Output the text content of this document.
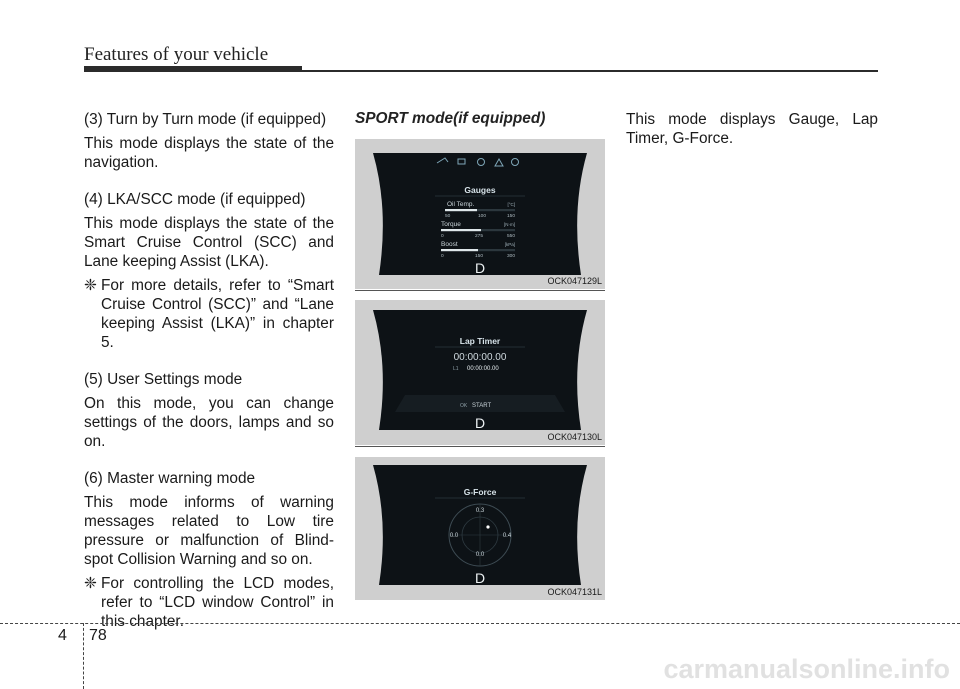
Features of your vehicle

(3) Turn by Turn mode (if equipped)

This mode displays the state of the navigation.

(4) LKA/SCC mode (if equipped)

This mode displays the state of the Smart Cruise Control (SCC) and Lane keeping Assist (LKA).

❈ For more details, refer to “Smart Cruise Control (SCC)” and “Lane keeping Assist (LKA)” in chapter 5.

(5) User Settings mode

On this mode, you can change settings of the doors, lamps and so on.

(6) Master warning mode

This mode informs of warning messages related to Low tire pressure or malfunction of Blind-spot Collision Warning and so on.

❈ For controlling the LCD modes, refer to “LCD window Control” in this chapter.
SPORT mode(if equipped)
Gauges
Oil Temp.	[°C]
50	100	150
Torque	[N·m]
0	275	550
Boost	[kPa]
0	150	300
D
OCK047129L
Lap Timer
00:00:00.00
L1 00:00:00.00
OK START
D
OCK047130L
G-Force
0.3
0.0	0.4
0.0
D
OCK047131L
This mode displays Gauge, Lap Timer, G-Force.
4 78
carmanualsonline.info
